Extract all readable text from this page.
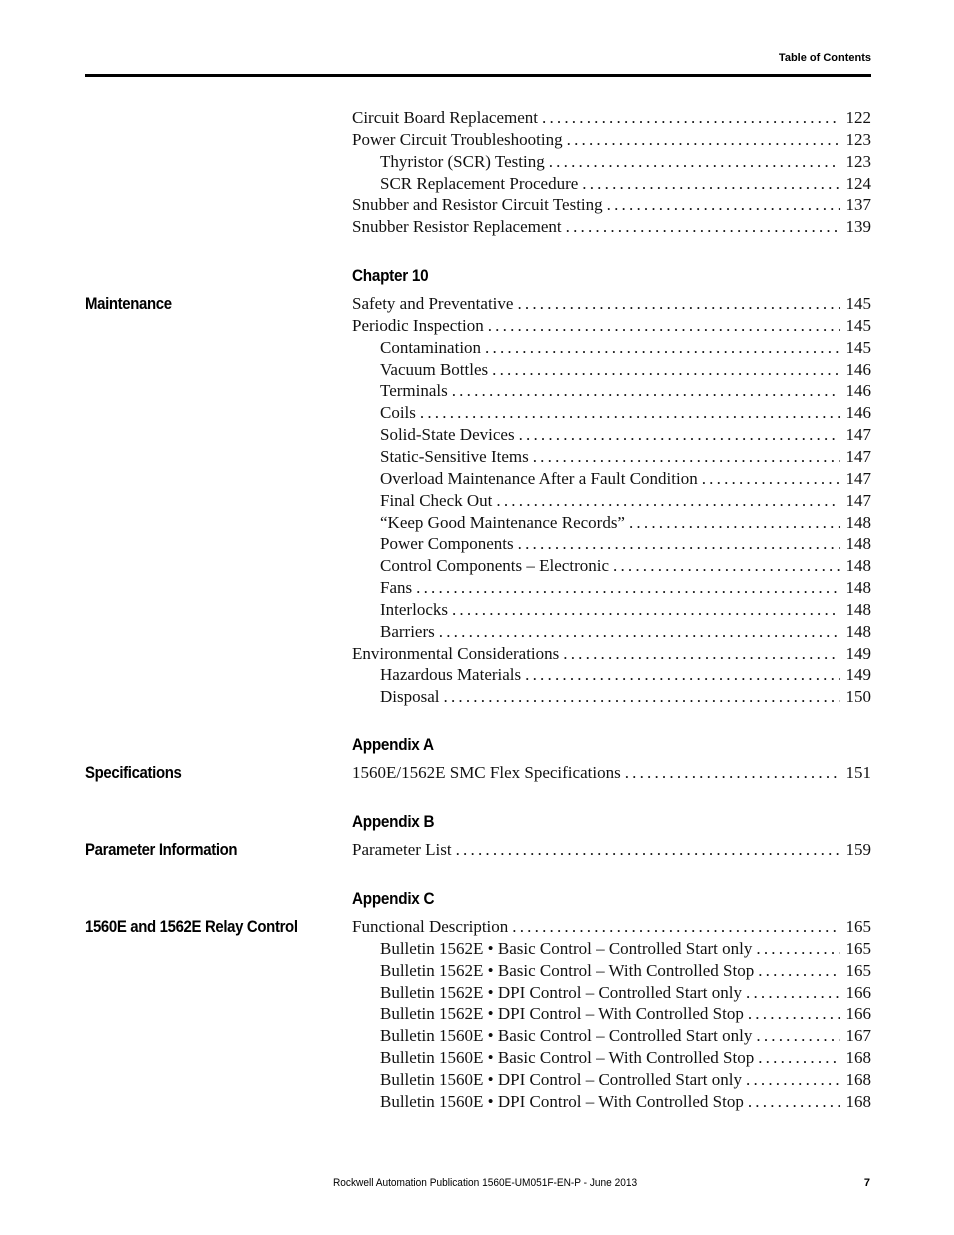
Table of Contents
Circuit Board Replacement .....	122
Power Circuit Troubleshooting .....	123
Thyristor (SCR) Testing .....	123
SCR Replacement Procedure .....	124
Snubber and Resistor Circuit Testing .....	137
Snubber Resistor Replacement .....	139
Chapter 10
Maintenance	Safety and Preventative .....	145
Periodic Inspection .....	145
Contamination .....	145
Vacuum Bottles .....	146
Terminals .....	146
Coils .....	146
Solid-State Devices .....	147
Static-Sensitive Items .....	147
Overload Maintenance After a Fault Condition .....	147
Final Check Out .....	147
“Keep Good Maintenance Records” .....	148
Power Components .....	148
Control Components – Electronic .....	148
Fans .....	148
Interlocks .....	148
Barriers .....	148
Environmental Considerations .....	149
Hazardous Materials .....	149
Disposal .....	150
Appendix A
Specifications	1560E/1562E SMC Flex Specifications .....	151
Appendix B
Parameter Information	Parameter List .....	159
Appendix C
1560E and 1562E Relay Control	Functional Description .....	165
Bulletin 1562E • Basic Control – Controlled Start only .....	165
Bulletin 1562E • Basic Control – With Controlled Stop .....	165
Bulletin 1562E • DPI Control – Controlled Start only .....	166
Bulletin 1562E • DPI Control – With Controlled Stop .....	166
Bulletin 1560E • Basic Control – Controlled Start only .....	167
Bulletin 1560E • Basic Control – With Controlled Stop .....	168
Bulletin 1560E • DPI Control – Controlled Start only .....	168
Bulletin 1560E • DPI Control – With Controlled Stop .....	168
Rockwell Automation Publication 1560E-UM051F-EN-P - June 2013	7
